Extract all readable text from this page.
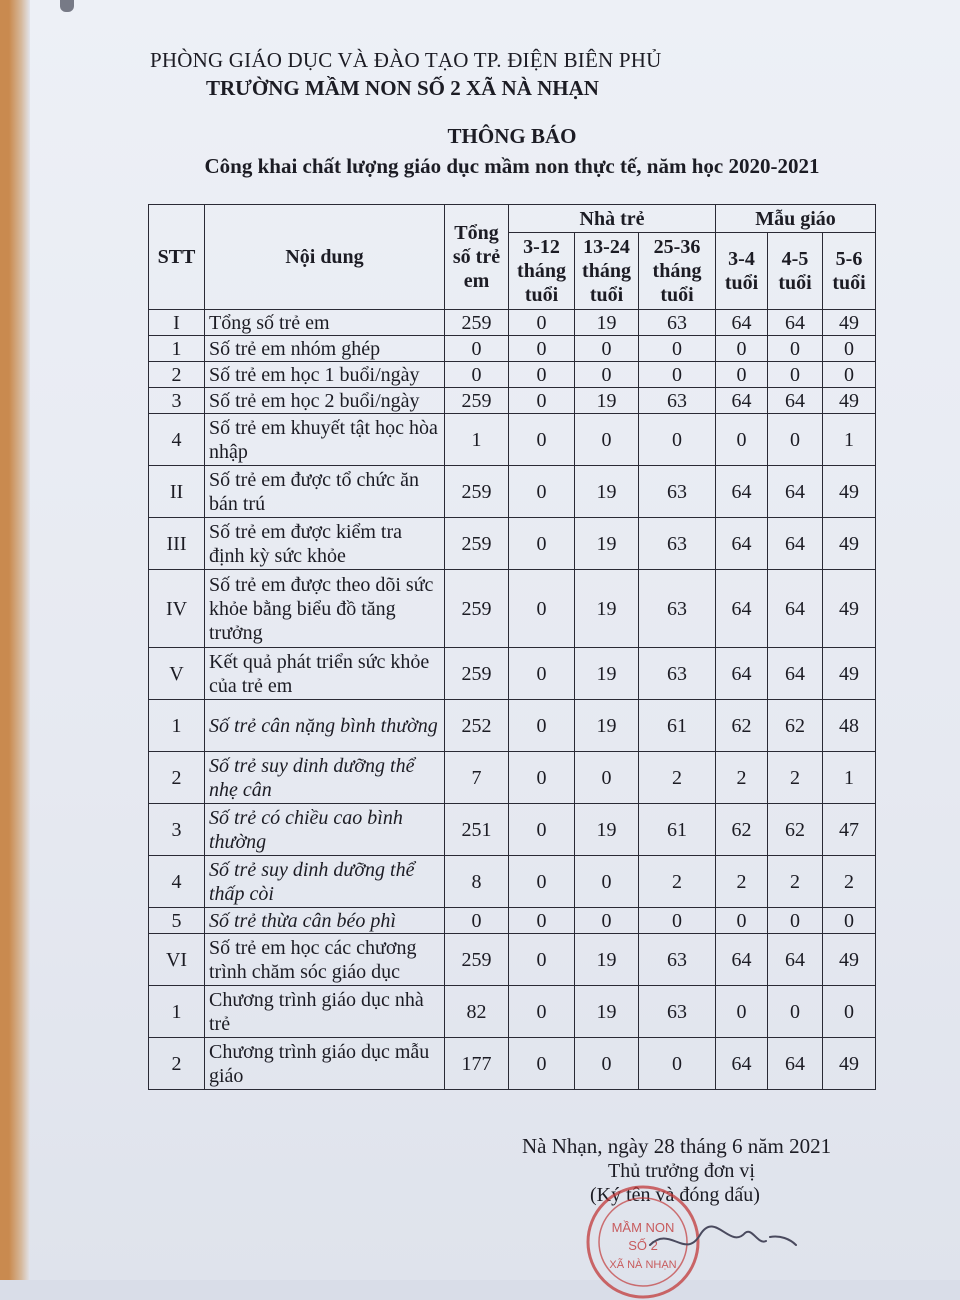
PHÒNG GIÁO DỤC VÀ ĐÀO TẠO TP. ĐIỆN BIÊN PHỦ
TRƯỜNG MẦM NON SỐ 2 XÃ NÀ NHẠN
THÔNG BÁO
Công khai chất lượng giáo dục mầm non thực tế, năm học 2020-2021
STT	Nội dung	Tổng số trẻ em	Nhà trẻ			Mẫu giáo		
			3-12 tháng tuổi	13-24 tháng tuổi	25-36 tháng tuổi	3-4 tuổi	4-5 tuổi	5-6 tuổi
I	Tổng số trẻ em	259	0	19	63	64	64	49
1	Số trẻ em nhóm ghép	0	0	0	0	0	0	0
2	Số trẻ em học 1 buổi/ngày	0	0	0	0	0	0	0
3	Số trẻ em học 2 buổi/ngày	259	0	19	63	64	64	49
4	Số trẻ em khuyết tật học hòa nhập	1	0	0	0	0	0	1
II	Số trẻ em được tổ chức ăn bán trú	259	0	19	63	64	64	49
III	Số trẻ em được kiểm tra định kỳ sức khỏe	259	0	19	63	64	64	49
IV	Số trẻ em được theo dõi sức khỏe bằng biểu đồ tăng trưởng	259	0	19	63	64	64	49
V	Kết quả phát triển sức khỏe của trẻ em	259	0	19	63	64	64	49
1	Số trẻ cân nặng bình thường	252	0	19	61	62	62	48
2	Số trẻ suy dinh dưỡng thể nhẹ cân	7	0	0	2	2	2	1
3	Số trẻ có chiều cao bình thường	251	0	19	61	62	62	47
4	Số trẻ suy dinh dưỡng thể thấp còi	8	0	0	2	2	2	2
5	Số trẻ thừa cân béo phì	0	0	0	0	0	0	0
VI	Số trẻ em học các chương trình chăm sóc giáo dục	259	0	19	63	64	64	49
1	Chương trình giáo dục nhà trẻ	82	0	19	63	0	0	0
2	Chương trình giáo dục mẫu giáo	177	0	0	0	64	64	49
Nà Nhạn, ngày 28 tháng 6 năm 2021
Thủ trưởng đơn vị
(Ký tên và đóng dấu)
MẦM NON
SỐ 2
XÃ NÀ NHẠN
